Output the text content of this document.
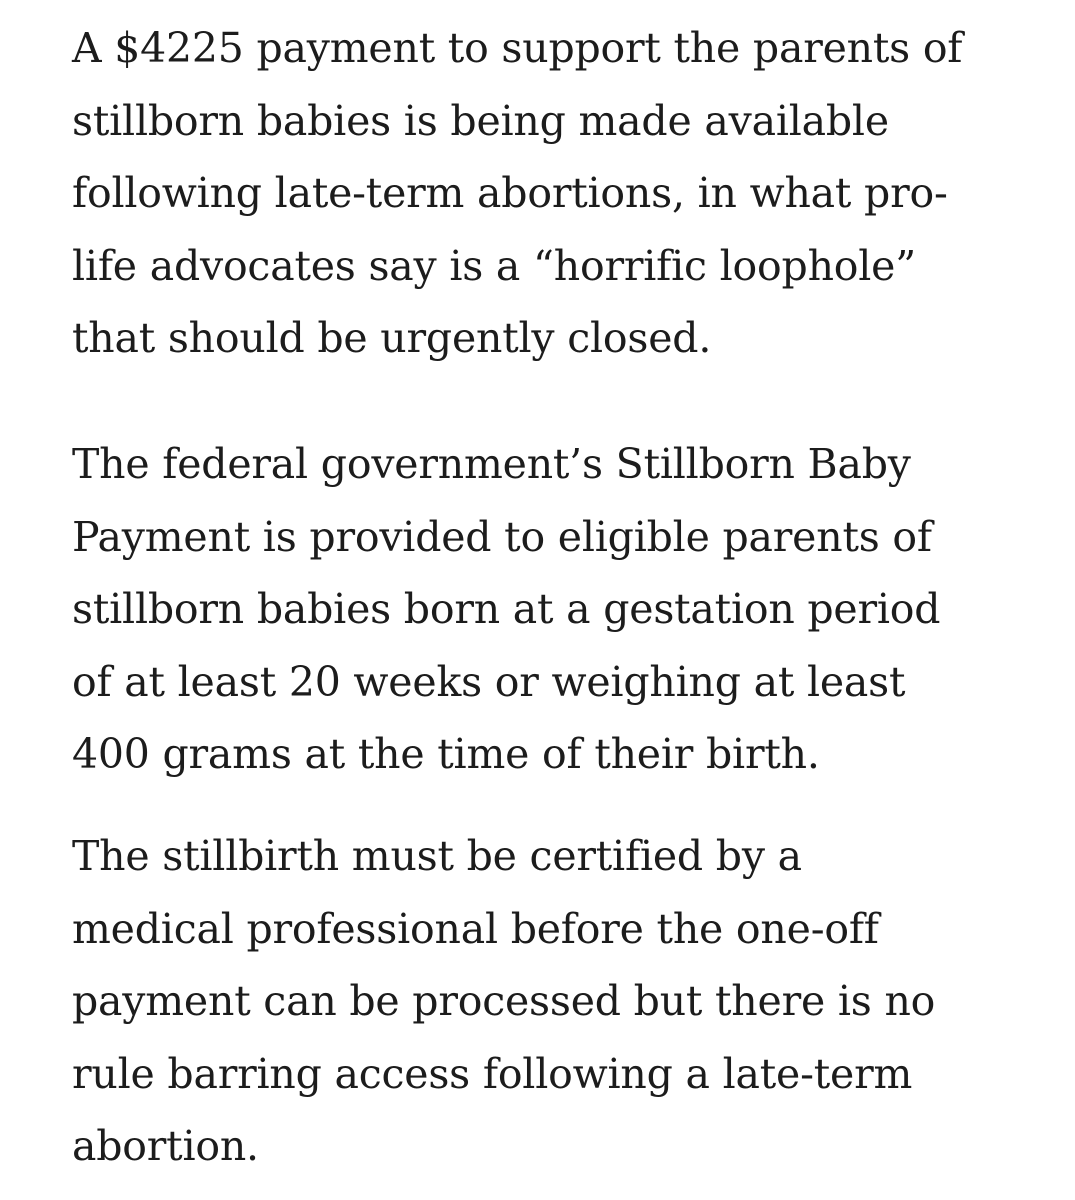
A $4225 payment to support the parents of
stillborn babies is being made available
following late-term abortions, in what pro-
life advocates say is a “horrific loophole”
that should be urgently closed.

The federal government’s Stillborn Baby
Payment is provided to eligible parents of
stillborn babies born at a gestation period
of at least 20 weeks or weighing at least
400 grams at the time of their birth.

The stillbirth must be certified by a
medical professional before the one-off
payment can be processed but there is no
rule barring access following a late-term
abortion.
